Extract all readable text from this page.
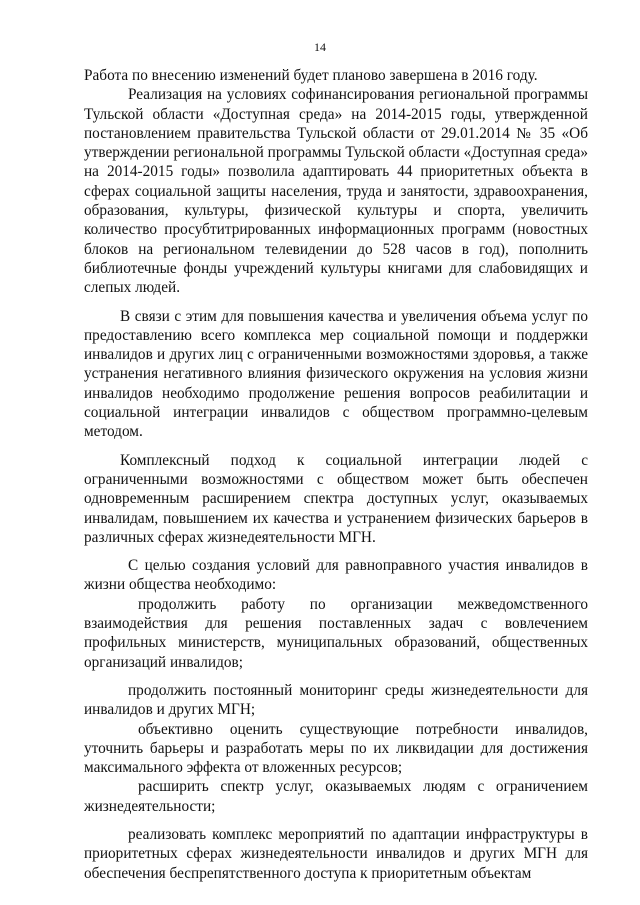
14

Работа по внесению изменений будет планово завершена в 2016 году.

Реализация на условиях софинансирования региональной программы Тульской области «Доступная среда» на 2014-2015 годы, утвержденной постановлением правительства Тульской области от 29.01.2014 № 35 «Об утверждении региональной программы Тульской области «Доступная среда» на 2014-2015 годы» позволила адаптировать 44 приоритетных объекта в сферах социальной защиты населения, труда и занятости, здравоохранения, образования, культуры, физической культуры и спорта, увеличить количество просубтитрированных информационных программ (новостных блоков на региональном телевидении до 528 часов в год), пополнить библиотечные фонды учреждений культуры книгами для слабовидящих и слепых людей.

В связи с этим для повышения качества и увеличения объема услуг по предоставлению всего комплекса мер социальной помощи и поддержки инвалидов и других лиц с ограниченными возможностями здоровья, а также устранения негативного влияния физического окружения на условия жизни инвалидов необходимо продолжение решения вопросов реабилитации и социальной интеграции инвалидов с обществом программно-целевым методом.

Комплексный подход к социальной интеграции людей с ограниченными возможностями с обществом может быть обеспечен одновременным расширением спектра доступных услуг, оказываемых инвалидам, повышением их качества и устранением физических барьеров в различных сферах жизнедеятельности МГН.

С целью создания условий для равноправного участия инвалидов в жизни общества необходимо:

продолжить работу по организации межведомственного взаимодействия для решения поставленных задач с вовлечением профильных министерств, муниципальных образований, общественных организаций инвалидов;

продолжить постоянный мониторинг среды жизнедеятельности для инвалидов и других МГН;

объективно оценить существующие потребности инвалидов, уточнить барьеры и разработать меры по их ликвидации для достижения максимального эффекта от вложенных ресурсов;

расширить спектр услуг, оказываемых людям с ограничением жизнедеятельности;

реализовать комплекс мероприятий по адаптации инфраструктуры в приоритетных сферах жизнедеятельности инвалидов и других МГН для обеспечения беспрепятственного доступа к приоритетным объектам
